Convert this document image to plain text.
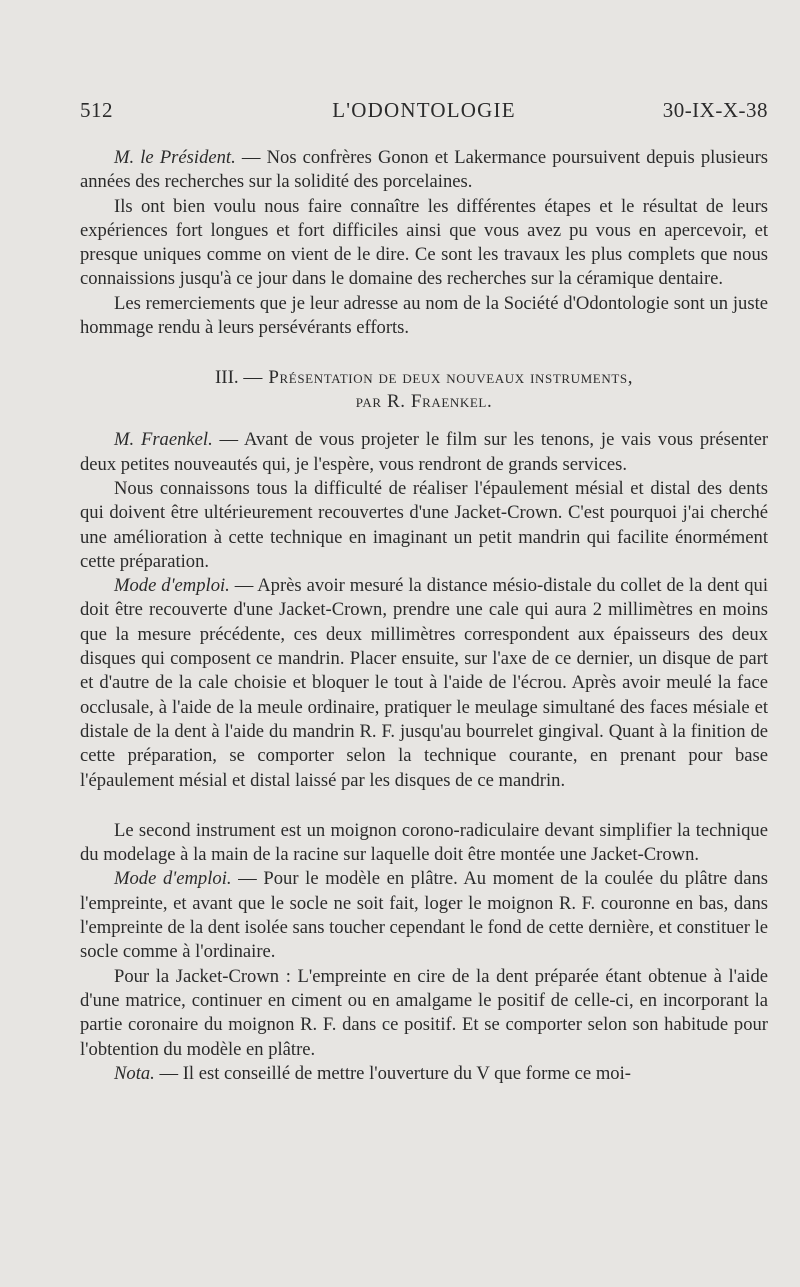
512	L'ODONTOLOGIE	30-IX-X-38

M. le Président. — Nos confrères Gonon et Lakermance poursuivent depuis plusieurs années des recherches sur la solidité des porcelaines.

Ils ont bien voulu nous faire connaître les différentes étapes et le résultat de leurs expériences fort longues et fort difficiles ainsi que vous avez pu vous en apercevoir, et presque uniques comme on vient de le dire. Ce sont les travaux les plus complets que nous connaissions jusqu'à ce jour dans le domaine des recherches sur la céramique dentaire.

Les remerciements que je leur adresse au nom de la Société d'Odontologie sont un juste hommage rendu à leurs persévérants efforts.

III. — Présentation de deux nouveaux instruments,
par R. Fraenkel.

M. Fraenkel. — Avant de vous projeter le film sur les tenons, je vais vous présenter deux petites nouveautés qui, je l'espère, vous rendront de grands services.

Nous connaissons tous la difficulté de réaliser l'épaulement mésial et distal des dents qui doivent être ultérieurement recouvertes d'une Jacket-Crown. C'est pourquoi j'ai cherché une amélioration à cette technique en imaginant un petit mandrin qui facilite énormément cette préparation.

Mode d'emploi. — Après avoir mesuré la distance mésio-distale du collet de la dent qui doit être recouverte d'une Jacket-Crown, prendre une cale qui aura 2 millimètres en moins que la mesure précédente, ces deux millimètres correspondent aux épaisseurs des deux disques qui composent ce mandrin. Placer ensuite, sur l'axe de ce dernier, un disque de part et d'autre de la cale choisie et bloquer le tout à l'aide de l'écrou. Après avoir meulé la face occlusale, à l'aide de la meule ordinaire, pratiquer le meulage simultané des faces mésiale et distale de la dent à l'aide du mandrin R. F. jusqu'au bourrelet gingival. Quant à la finition de cette préparation, se comporter selon la technique courante, en prenant pour base l'épaulement mésial et distal laissé par les disques de ce mandrin.

Le second instrument est un moignon corono-radiculaire devant simplifier la technique du modelage à la main de la racine sur laquelle doit être montée une Jacket-Crown.

Mode d'emploi. — Pour le modèle en plâtre. Au moment de la coulée du plâtre dans l'empreinte, et avant que le socle ne soit fait, loger le moignon R. F. couronne en bas, dans l'empreinte de la dent isolée sans toucher cependant le fond de cette dernière, et constituer le socle comme à l'ordinaire.

Pour la Jacket-Crown : L'empreinte en cire de la dent préparée étant obtenue à l'aide d'une matrice, continuer en ciment ou en amalgame le positif de celle-ci, en incorporant la partie coronaire du moignon R. F. dans ce positif. Et se comporter selon son habitude pour l'obtention du modèle en plâtre.

Nota. — Il est conseillé de mettre l'ouverture du V que forme ce moi-
